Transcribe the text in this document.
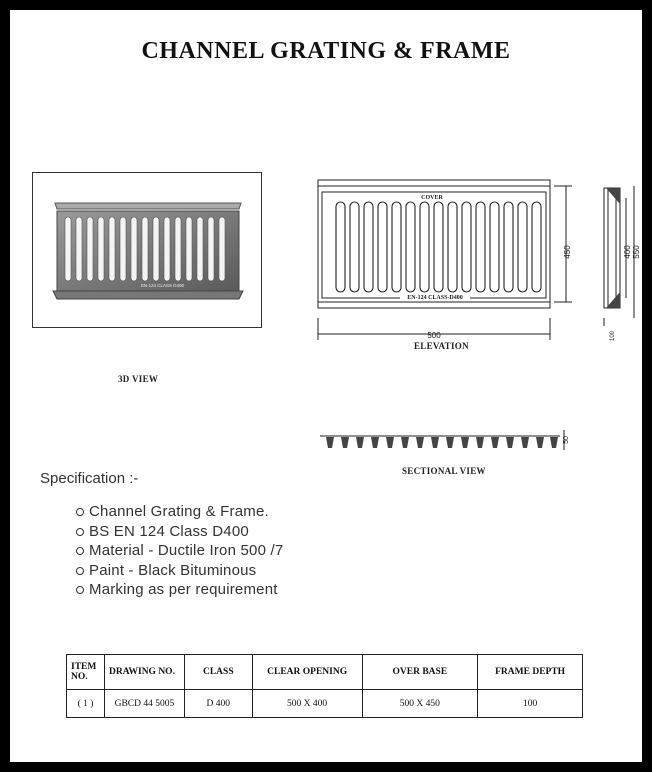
CHANNEL GRATING & FRAME
EN 124 CLASS D400
COVER
EN-124 CLASS-D400
500
450	400 550
100
50
3D VIEW
ELEVATION
SECTIONAL VIEW
Specification :-
Channel Grating & Frame.
BS EN 124 Class D400
Material - Ductile Iron 500 /7
Paint - Black Bituminous
Marking as per requirement
ITEM NO.	DRAWING NO.	CLASS	CLEAR OPENING	OVER BASE	FRAME DEPTH
( 1 )	GBCD 44 5005	D 400	500 X 400	500 X 450	100
